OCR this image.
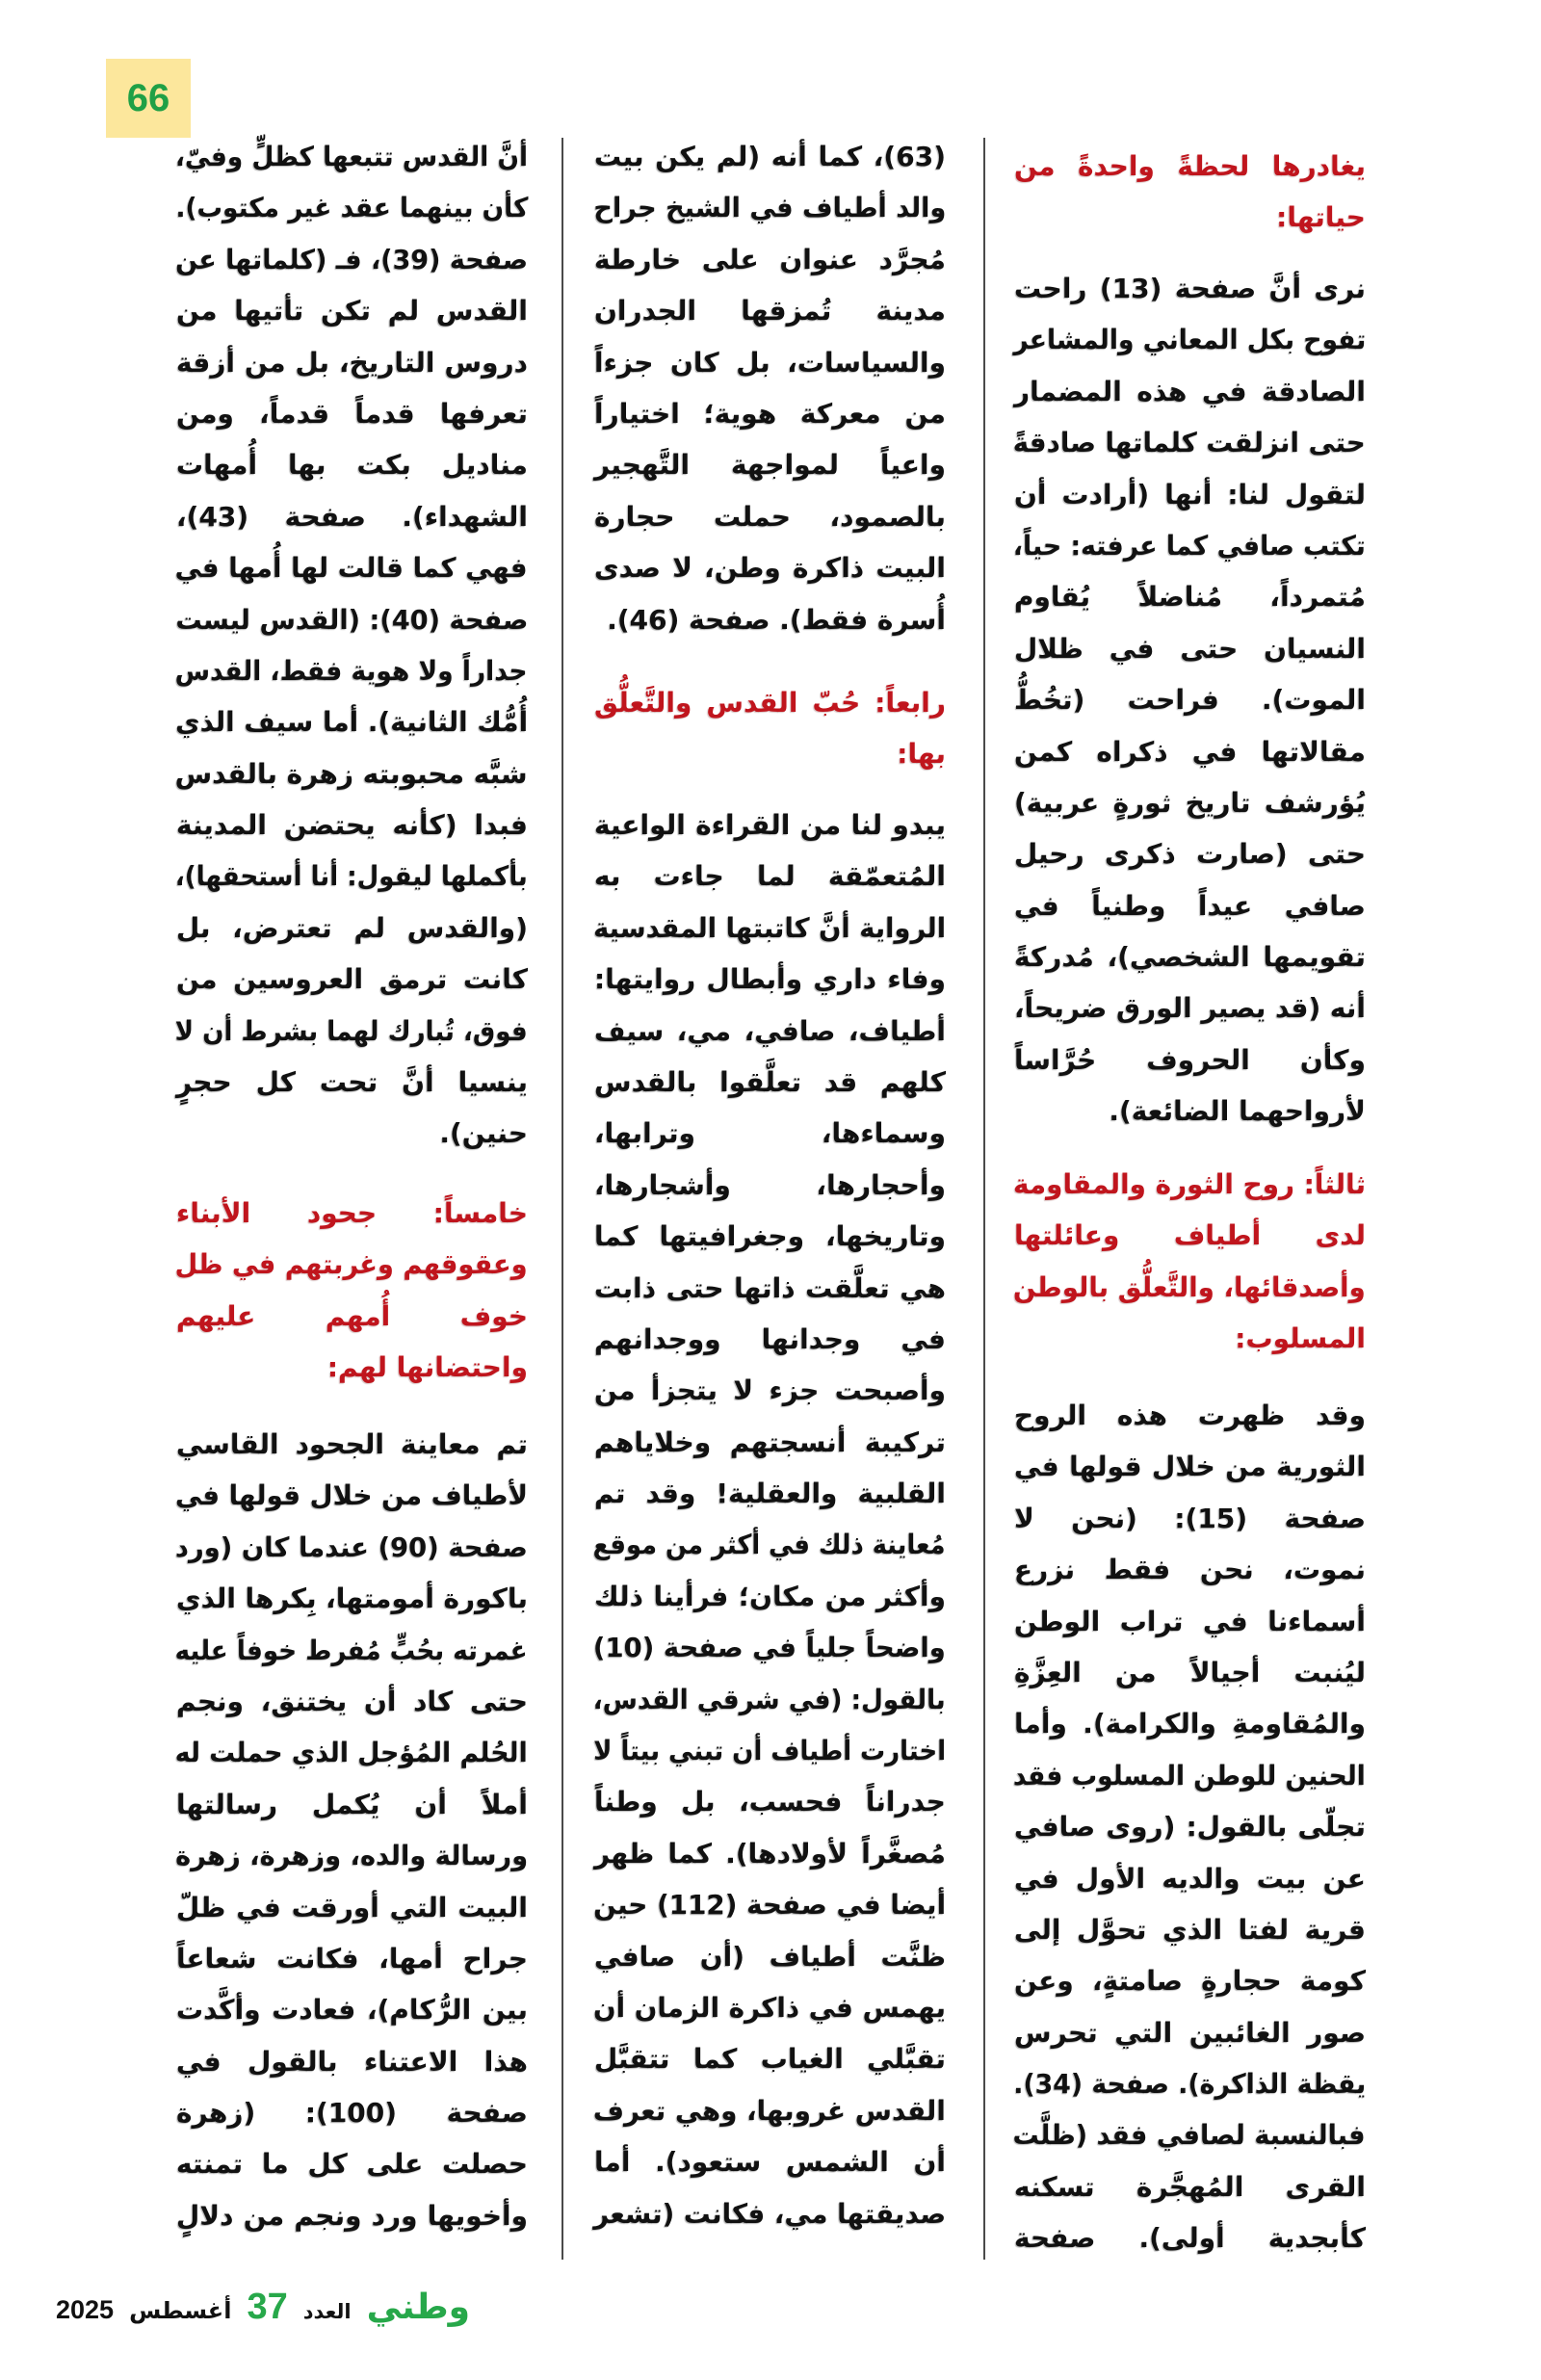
66
يغادرها لحظةً واحدةً من
حياتها:
نرى أنَّ صفحة (13) راحت
تفوح بكل المعاني والمشاعر
الصادقة في هذه المضمار
حتى انزلقت كلماتها صادقةً
لتقول لنا: أنها (أرادت أن
تكتب صافي كما عرفته: حياً،
مُتمرداً، مُناضلاً يُقاوم
النسيان حتى في ظلال
الموت). فراحت (تخُطُّ
مقالاتها في ذكراه كمن
يُؤرشف تاريخ ثورةٍ عربية)
حتى (صارت ذكرى رحيل
صافي عيداً وطنياً في
تقويمها الشخصي)، مُدركةً
أنه (قد يصير الورق ضريحاً،
وكأن الحروف حُرَّاساً
لأرواحهما الضائعة).
ثالثاً: روح الثورة والمقاومة
لدى أطياف وعائلتها
وأصدقائها، والتَّعلُّق بالوطن
المسلوب:
وقد ظهرت هذه الروح
الثورية من خلال قولها في
صفحة (15): (نحن لا
نموت، نحن فقط نزرع
أسماءنا في تراب الوطن
ليُنبت أجيالاً من العِزَّةِ
والمُقاومةِ والكرامة). وأما
الحنين للوطن المسلوب فقد
تجلّى بالقول: (روى صافي
عن بيت والديه الأول في
قرية لفتا الذي تحوَّل إلى
كومة حجارةٍ صامتةٍ، وعن
صور الغائبين التي تحرس
يقظة الذاكرة). صفحة (34).
فبالنسبة لصافي فقد (ظلَّت
القرى المُهجَّرة تسكنه
كأبجدية أولى). صفحة
(63)، كما أنه (لم يكن بيت
والد أطياف في الشيخ جراح
مُجرَّد عنوان على خارطة
مدينة تُمزقها الجدران
والسياسات، بل كان جزءاً
من معركة هوية؛ اختياراً
واعياً لمواجهة التَّهجير
بالصمود، حملت حجارة
البيت ذاكرة وطن، لا صدى
أُسرة فقط). صفحة (46).
رابعاً: حُبّ القدس والتَّعلُّق
بها:
يبدو لنا من القراءة الواعية
المُتعمّقة لما جاءت به
الرواية أنَّ كاتبتها المقدسية
وفاء داري وأبطال روايتها:
أطياف، صافي، مي، سيف
كلهم قد تعلَّقوا بالقدس
وسماءها، وترابها،
وأحجارها، وأشجارها،
وتاريخها، وجغرافيتها كما
هي تعلَّقت ذاتها حتى ذابت
في وجدانها ووجدانهم
وأصبحت جزء لا يتجزأ من
تركيبة أنسجتهم وخلاياهم
القلبية والعقلية! وقد تم
مُعاينة ذلك في أكثر من موقع
وأكثر من مكان؛ فرأينا ذلك
واضحاً جلياً في صفحة (10)
بالقول: (في شرقي القدس،
اختارت أطياف أن تبني بيتاً لا
جدراناً فحسب، بل وطناً
مُصغَّراً لأولادها). كما ظهر
أيضا في صفحة (112) حين
ظنَّت أطياف (أن صافي
يهمس في ذاكرة الزمان أن
تقبَّلي الغياب كما تتقبَّل
القدس غروبها، وهي تعرف
أن الشمس ستعود). أما
صديقتها مي، فكانت (تشعر
أنَّ القدس تتبعها كظلٍّ وفيّ،
كأن بينهما عقد غير مكتوب).
صفحة (39)، فـ (كلماتها عن
القدس لم تكن تأتيها من
دروس التاريخ، بل من أزقة
تعرفها قدماً قدماً، ومن
مناديل بكت بها أُمهات
الشهداء). صفحة (43)،
فهي كما قالت لها أُمها في
صفحة (40): (القدس ليست
جداراً ولا هوية فقط، القدس
أُمُّك الثانية). أما سيف الذي
شبَّه محبوبته زهرة بالقدس
فبدا (كأنه يحتضن المدينة
بأكملها ليقول: أنا أستحقها)،
(والقدس لم تعترض، بل
كانت ترمق العروسين من
فوق، تُبارك لهما بشرط أن لا
ينسيا أنَّ تحت كل حجرٍ
حنين).
خامساً: جحود الأبناء
وعقوقهم وغربتهم في ظل
خوف أُمهم عليهم
واحتضانها لهم:
تم معاينة الجحود القاسي
لأطياف من خلال قولها في
صفحة (90) عندما كان (ورد
باكورة أمومتها، بِكرها الذي
غمرته بحُبٍّ مُفرط خوفاً عليه
حتى كاد أن يختنق، ونجم
الحُلم المُؤجل الذي حملت له
أملاً أن يُكمل رسالتها
ورسالة والده، وزهرة، زهرة
البيت التي أورقت في ظلّ
جراح أمها، فكانت شعاعاً
بين الرُّكام)، فعادت وأكَّدت
هذا الاعتناء بالقول في
صفحة (100): (زهرة
حصلت على كل ما تمنته
وأخويها ورد ونجم من دلالٍ
وطني
العدد
37
أغسطس
2025
